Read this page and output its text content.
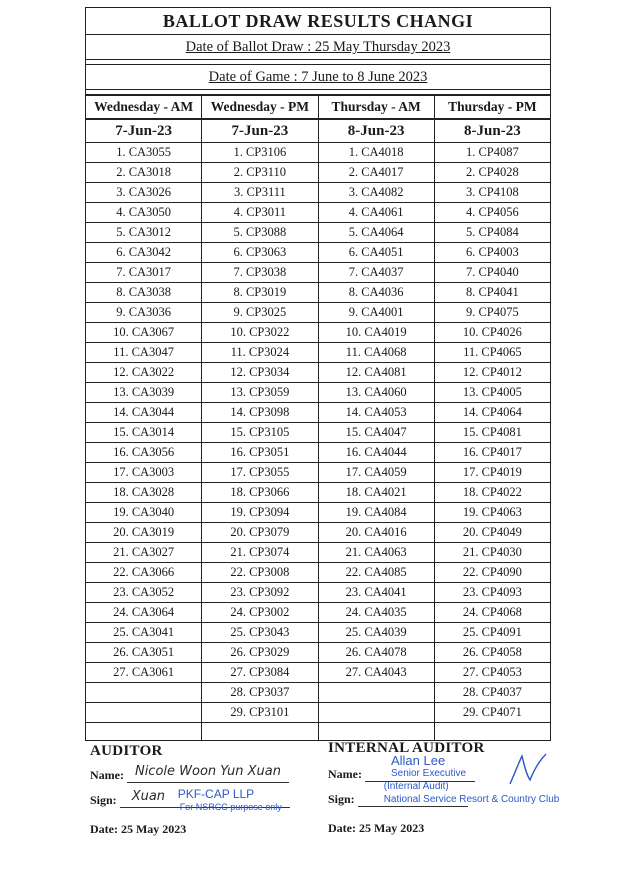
BALLOT DRAW RESULTS CHANGI
Date of Ballot Draw : 25 May Thursday 2023
Date of Game : 7 June to 8 June 2023
Wednesday - AM	Wednesday - PM	Thursday - AM	Thursday - PM
7-Jun-23	7-Jun-23	8-Jun-23	8-Jun-23
1. CA3055	1. CP3106	1. CA4018	1. CP4087
2. CA3018	2. CP3110	2. CA4017	2. CP4028
3. CA3026	3. CP3111	3. CA4082	3. CP4108
4. CA3050	4. CP3011	4. CA4061	4. CP4056
5. CA3012	5. CP3088	5. CA4064	5. CP4084
6. CA3042	6. CP3063	6. CA4051	6. CP4003
7. CA3017	7. CP3038	7. CA4037	7. CP4040
8. CA3038	8. CP3019	8. CA4036	8. CP4041
9. CA3036	9. CP3025	9. CA4001	9. CP4075
10. CA3067	10. CP3022	10. CA4019	10. CP4026
11. CA3047	11. CP3024	11. CA4068	11. CP4065
12. CA3022	12. CP3034	12. CA4081	12. CP4012
13. CA3039	13. CP3059	13. CA4060	13. CP4005
14. CA3044	14. CP3098	14. CA4053	14. CP4064
15. CA3014	15. CP3105	15. CA4047	15. CP4081
16. CA3056	16. CP3051	16. CA4044	16. CP4017
17. CA3003	17. CP3055	17. CA4059	17. CP4019
18. CA3028	18. CP3066	18. CA4021	18. CP4022
19. CA3040	19. CP3094	19. CA4084	19. CP4063
20. CA3019	20. CP3079	20. CA4016	20. CP4049
21. CA3027	21. CP3074	21. CA4063	21. CP4030
22. CA3066	22. CP3008	22. CA4085	22. CP4090
23. CA3052	23. CP3092	23. CA4041	23. CP4093
24. CA3064	24. CP3002	24. CA4035	24. CP4068
25. CA3041	25. CP3043	25. CA4039	25. CP4091
26. CA3051	26. CP3029	26. CA4078	26. CP4058
27. CA3061	27. CP3084	27. CA4043	27. CP4053
	28. CP3037		28. CP4037
	29. CP3101		29. CP4071

AUDITOR
Name: Nicole Woon Yun Xuan
Sign: Xuan PKF-CAP LLP
For NSRCC purpose only
Date: 25 May 2023
INTERNAL AUDITOR
Name:
Allan Lee
Senior Executive
Sign:
(Internal Audit)
National Service Resort & Country Club
Date: 25 May 2023
